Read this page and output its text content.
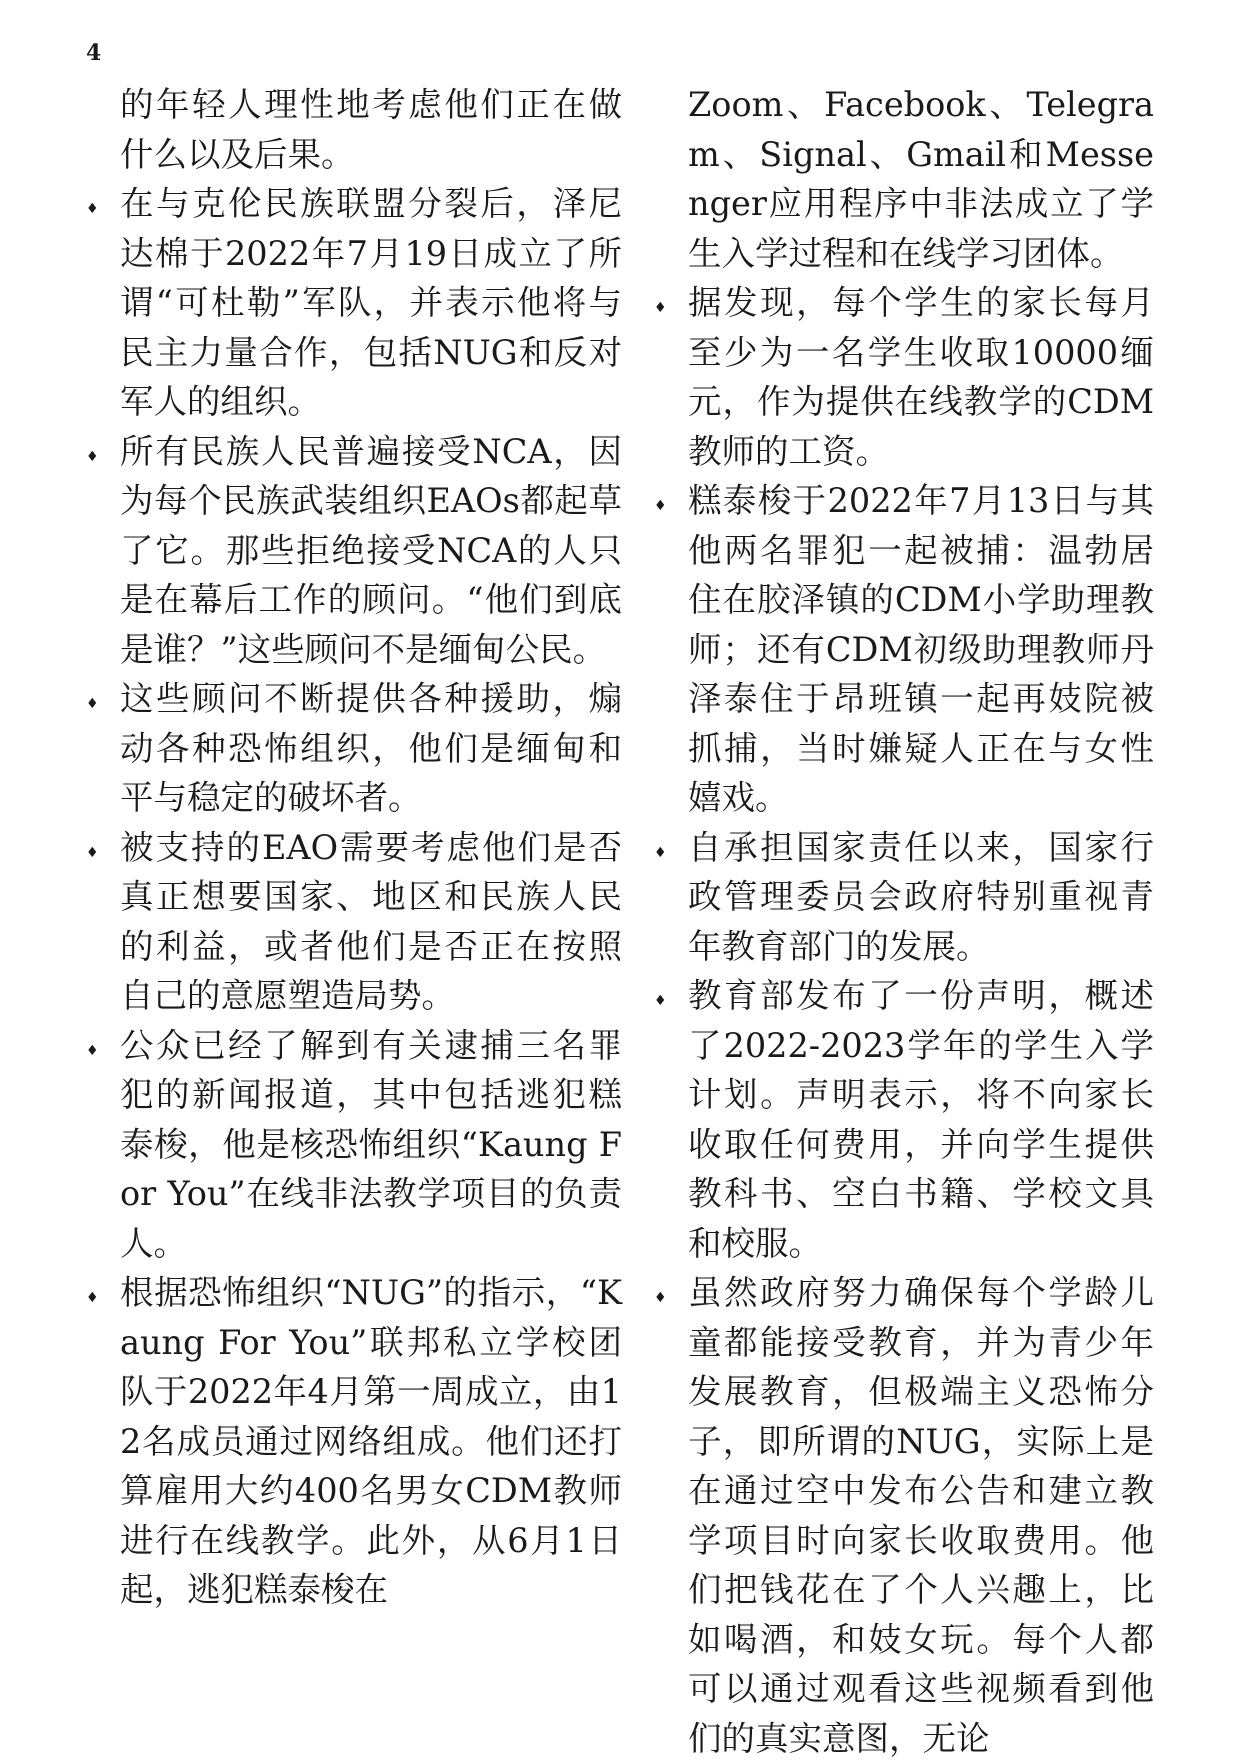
4

的年轻人理性地考虑他们正在做什么以及后果。

♦ 在与克伦民族联盟分裂后，泽尼达棉于2022年7月19日成立了所谓“可杜勒”军队，并表示他将与民主力量合作，包括NUG和反对军人的组织。

♦ 所有民族人民普遍接受NCA，因为每个民族武装组织EAOs都起草了它。那些拒绝接受NCA的人只是在幕后工作的顾问。“他们到底是谁？”这些顾问不是缅甸公民。

♦ 这些顾问不断提供各种援助，煽动各种恐怖组织，他们是缅甸和平与稳定的破坏者。

♦ 被支持的EAO需要考虑他们是否真正想要国家、地区和民族人民的利益，或者他们是否正在按照自己的意愿塑造局势。

♦ 公众已经了解到有关逮捕三名罪犯的新闻报道，其中包括逃犯糕泰梭，他是核恐怖组织“Kaung For You”在线非法教学项目的负责人。

♦ 根据恐怖组织“NUG”的指示，“Kaung For You”联邦私立学校团队于2022年4月第一周成立，由12名成员通过网络组成。他们还打算雇用大约400名男女CDM教师进行在线教学。此外，从6月1日起，逃犯糕泰梭在

Zoom、Facebook、Telegram、Signal、Gmail和Messenger应用程序中非法成立了学生入学过程和在线学习团体。

♦ 据发现，每个学生的家长每月至少为一名学生收取10000缅元，作为提供在线教学的CDM教师的工资。

♦ 糕泰梭于2022年7月13日与其他两名罪犯一起被捕：温勃居住在胶泽镇的CDM小学助理教师；还有CDM初级助理教师丹泽泰住于昂班镇一起再妓院被抓捕，当时嫌疑人正在与女性嬉戏。

♦ 自承担国家责任以来，国家行政管理委员会政府特别重视青年教育部门的发展。

♦ 教育部发布了一份声明，概述了2022-2023学年的学生入学计划。声明表示，将不向家长收取任何费用，并向学生提供教科书、空白书籍、学校文具和校服。

♦ 虽然政府努力确保每个学龄儿童都能接受教育，并为青少年发展教育，但极端主义恐怖分子，即所谓的NUG，实际上是在通过空中发布公告和建立教学项目时向家长收取费用。他们把钱花在了个人兴趣上，比如喝酒，和妓女玩。每个人都可以通过观看这些视频看到他们的真实意图，无论
